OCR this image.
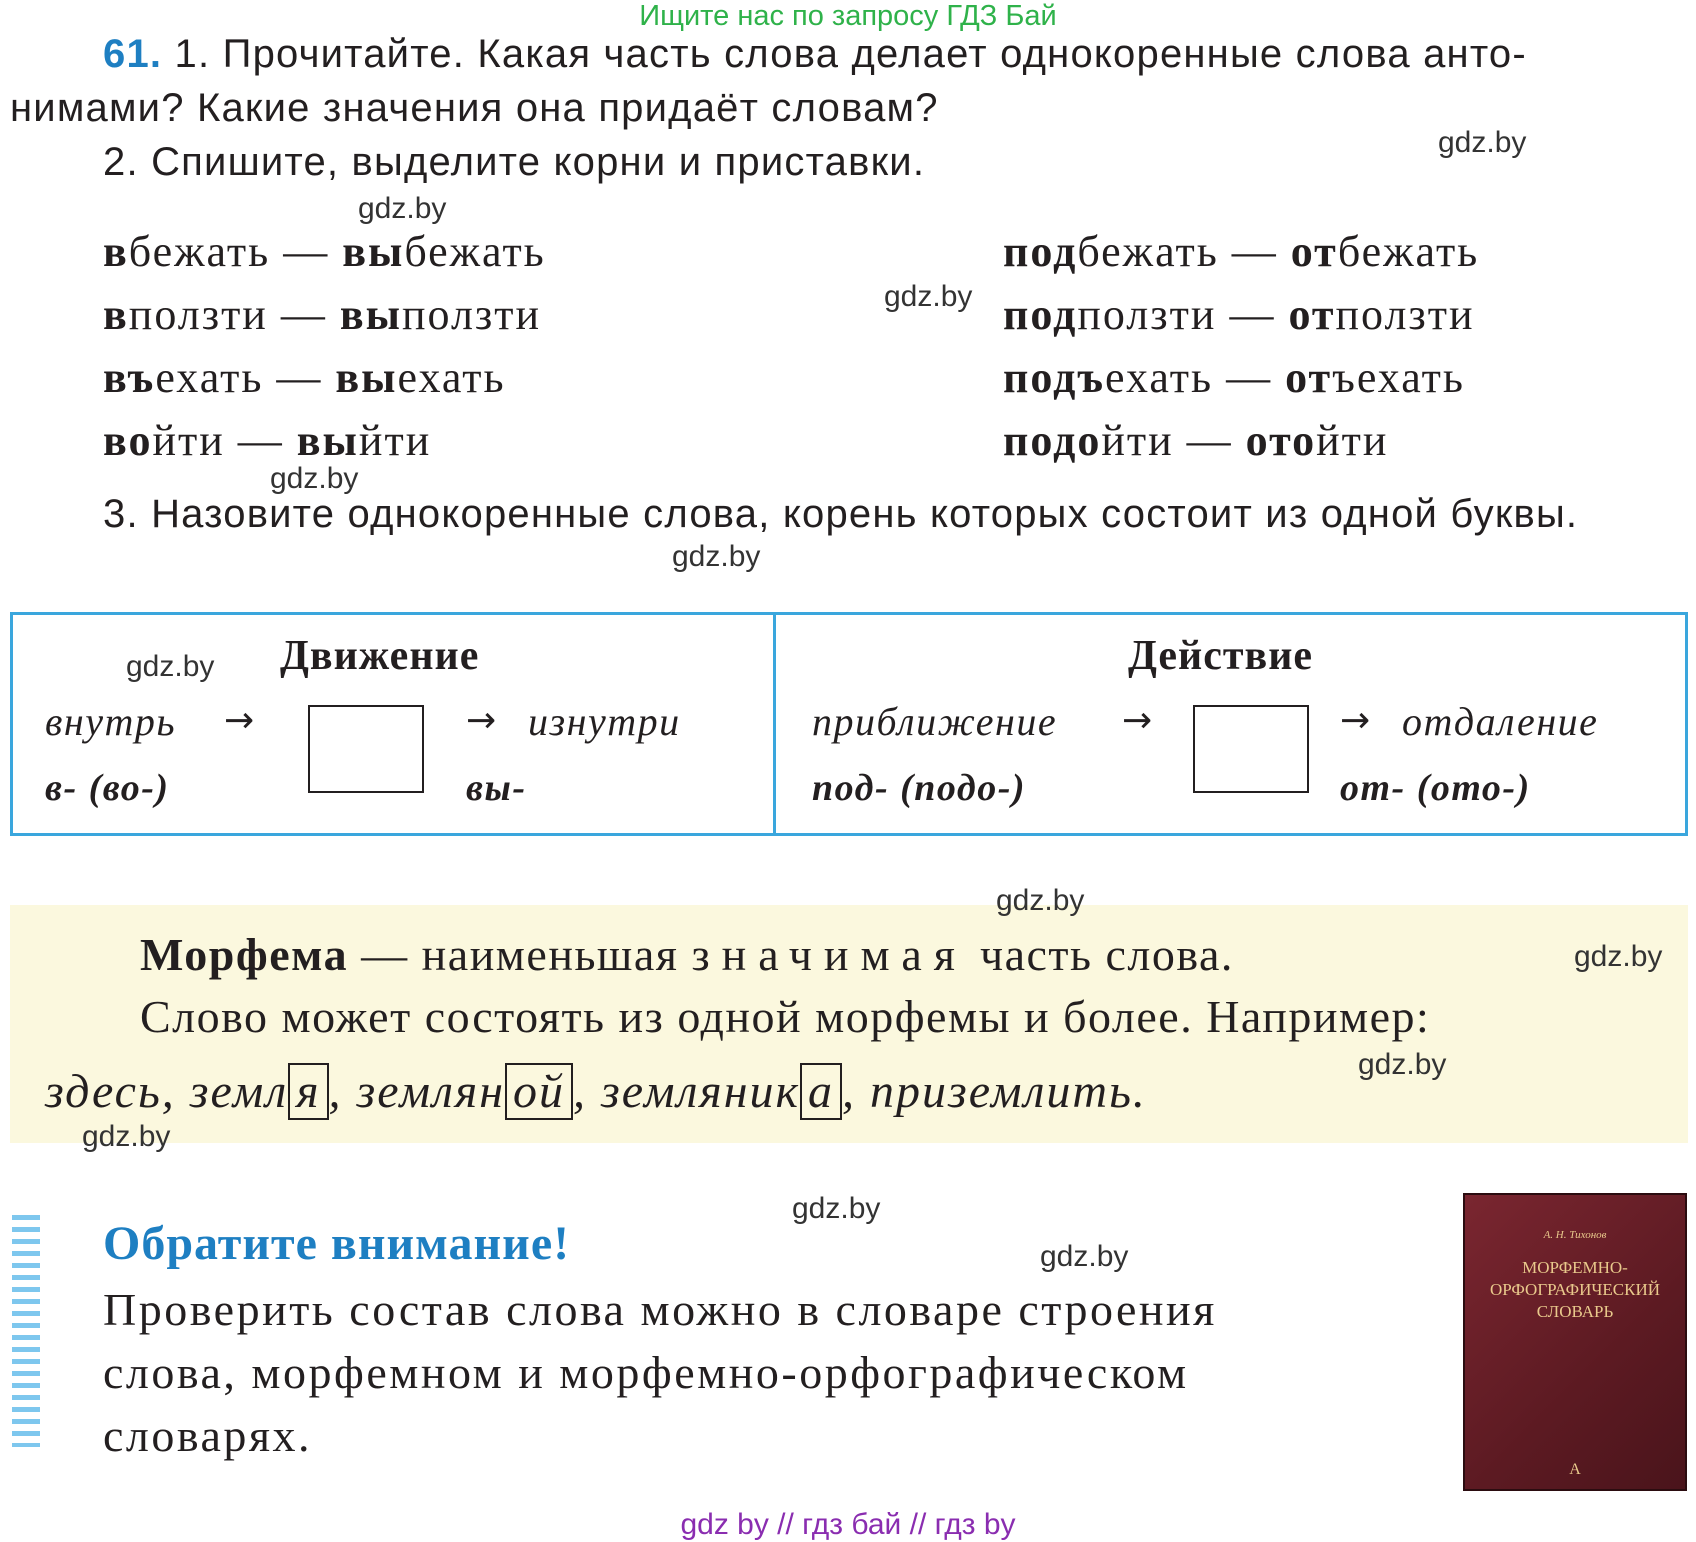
Ищите нас по запросу ГДЗ Бай
61. 1. Прочитайте. Какая часть слова делает однокоренные слова анто-
нимами? Какие значения она придаёт словам?
2. Спишите, выделите корни и приставки.
вбежать — выбежать
вползти — выползти
въехать — выехать
войти — выйти
подбежать — отбежать
подползти — отползти
подъехать — отъехать
подойти — отойти
3. Назовите однокоренные слова, корень которых состоит из одной буквы.
Движение
внутрь →	→ изнутри
в- (во-)	вы-
Действие
приближение →	→ отдаление
под- (подо-)	от- (ото-)
Морфема — наименьшая значимая часть слова.
Слово может состоять из одной морфемы и более. Например:
здесь, земл я , землян ой , земляник а , приземлить.
Обратите внимание!
Проверить состав слова можно в словаре строения
слова, морфемном и морфемно-орфографическом
словарях.
А. Н. Тихонов
МОРФЕМНО-
ОРФОГРАФИЧЕСКИЙ
СЛОВАРЬ
A
gdz.by
gdz.by
gdz.by
gdz.by
gdz.by
gdz.by
gdz.by
gdz.by
gdz.by
gdz.by
gdz.by
gdz.by
gdz by // гдз бай // гдз by
